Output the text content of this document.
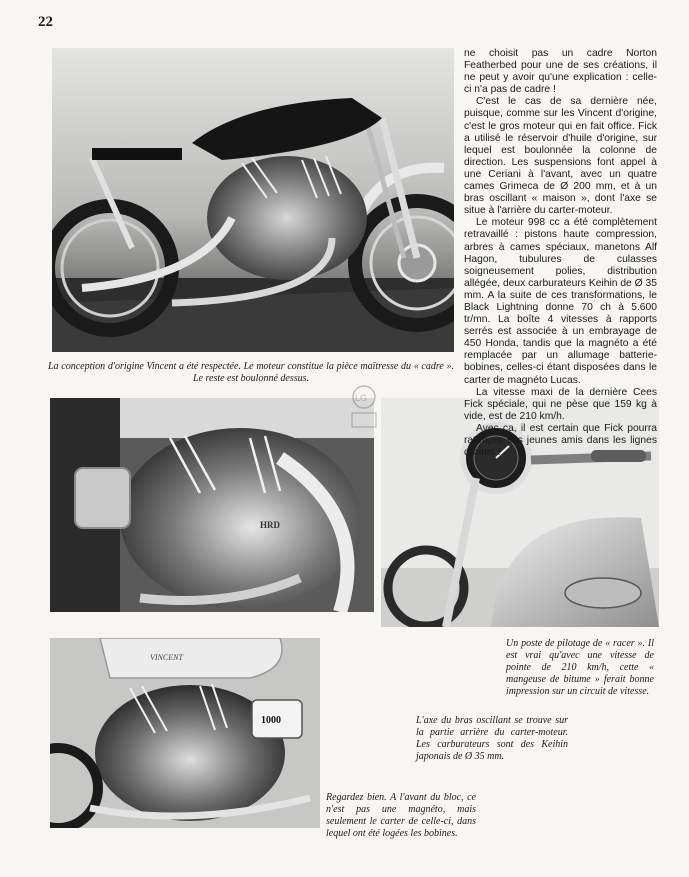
22
HRD
LG
VINCENT
1000

ne choisit pas un cadre Norton Featherbed pour une de ses créations, il ne peut y avoir qu'une explication : celle-ci n'a pas de cadre !

C'est le cas de sa dernière née, puisque, comme sur les Vincent d'origine, c'est le gros moteur qui en fait office. Fick a utilisé le réservoir d'huile d'origine, sur lequel est boulonnée la colonne de direction. Les suspensions font appel à une Ceriani à l'avant, avec un quatre cames Grimeca de Ø 200 mm, et à un bras oscillant « maison », dont l'axe se situe à l'arrière du carter-moteur.

Le moteur 998 cc a été complètement retravaillé : pistons haute compression, arbres à cames spéciaux, manetons Alf Hagon, tubulures de culasses soigneusement polies, distribution allégée, deux carburateurs Keihin de Ø 35 mm. A la suite de ces transformations, le Black Lightning donne 70 ch à 5.600 tr/mn. La boîte 4 vitesses à rapports serrés est associée à un embrayage de 450 Honda, tandis que la magnéto a été remplacée par un allumage batterie-bobines, celles-ci étant disposées dans le carter de magnéto Lucas.

La vitesse maxi de la dernière Cees Fick spéciale, qui ne pèse que 159 kg à vide, est de 210 km/h.

Avec ça, il est certain que Fick pourra rattraper ses jeunes amis dans les lignes droites !

La conception d'origine Vincent a été respectée. Le moteur constitue la pièce maîtresse du « cadre ». Le reste est boulonné dessus.
Un poste de pilotage de « racer ». Il est vrai qu'avec une vitesse de pointe de 210 km/h, cette « mangeuse de bitume » ferait bonne impression sur un circuit de vitesse.
L'axe du bras oscillant se trouve sur la partie arrière du carter-moteur. Les carburateurs sont des Keihin japonais de Ø 35 mm.
Regardez bien. A l'avant du bloc, ce n'est pas une magnéto, mais seulement le carter de celle-ci, dans lequel ont été logées les bobines.
